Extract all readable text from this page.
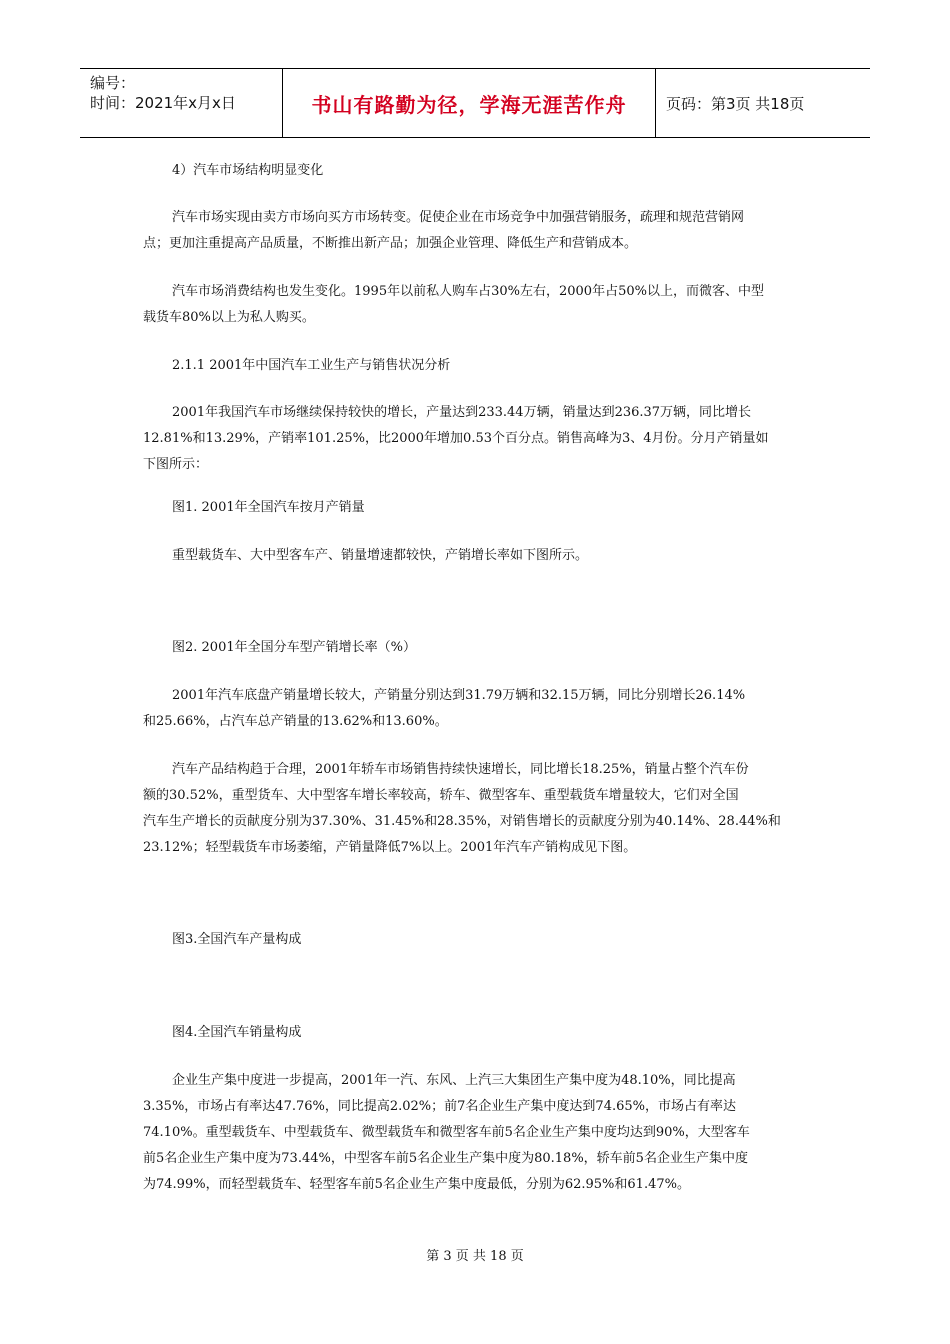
编号：
时间：2021年x月x日	书山有路勤为径，学海无涯苦作舟	页码：第3页 共18页
4）汽车市场结构明显变化
汽车市场实现由卖方市场向买方市场转变。促使企业在市场竞争中加强营销服务，疏理和规范营销网
点；更加注重提高产品质量，不断推出新产品；加强企业管理、降低生产和营销成本。
汽车市场消费结构也发生变化。1995年以前私人购车占30%左右，2000年占50%以上，而微客、中型
载货车80%以上为私人购买。
2.1.1 2001年中国汽车工业生产与销售状况分析
2001年我国汽车市场继续保持较快的增长，产量达到233.44万辆，销量达到236.37万辆，同比增长
12.81%和13.29%，产销率101.25%，比2000年增加0.53个百分点。销售高峰为3、4月份。分月产销量如
下图所示：
图1. 2001年全国汽车按月产销量
重型载货车、大中型客车产、销量增速都较快，产销增长率如下图所示。
图2. 2001年全国分车型产销增长率（%）
2001年汽车底盘产销量增长较大，产销量分别达到31.79万辆和32.15万辆，同比分别增长26.14%
和25.66%，占汽车总产销量的13.62%和13.60%。
汽车产品结构趋于合理，2001年轿车市场销售持续快速增长，同比增长18.25%，销量占整个汽车份
额的30.52%，重型货车、大中型客车增长率较高，轿车、微型客车、重型载货车增量较大，它们对全国
汽车生产增长的贡献度分别为37.30%、31.45%和28.35%，对销售增长的贡献度分别为40.14%、28.44%和
23.12%；轻型载货车市场萎缩，产销量降低7%以上。2001年汽车产销构成见下图。
图3.全国汽车产量构成
图4.全国汽车销量构成
企业生产集中度进一步提高，2001年一汽、东风、上汽三大集团生产集中度为48.10%，同比提高
3.35%，市场占有率达47.76%，同比提高2.02%；前7名企业生产集中度达到74.65%，市场占有率达
74.10%。重型载货车、中型载货车、微型载货车和微型客车前5名企业生产集中度均达到90%，大型客车
前5名企业生产集中度为73.44%，中型客车前5名企业生产集中度为80.18%，轿车前5名企业生产集中度
为74.99%，而轻型载货车、轻型客车前5名企业生产集中度最低，分别为62.95%和61.47%。
第 3 页 共 18 页
